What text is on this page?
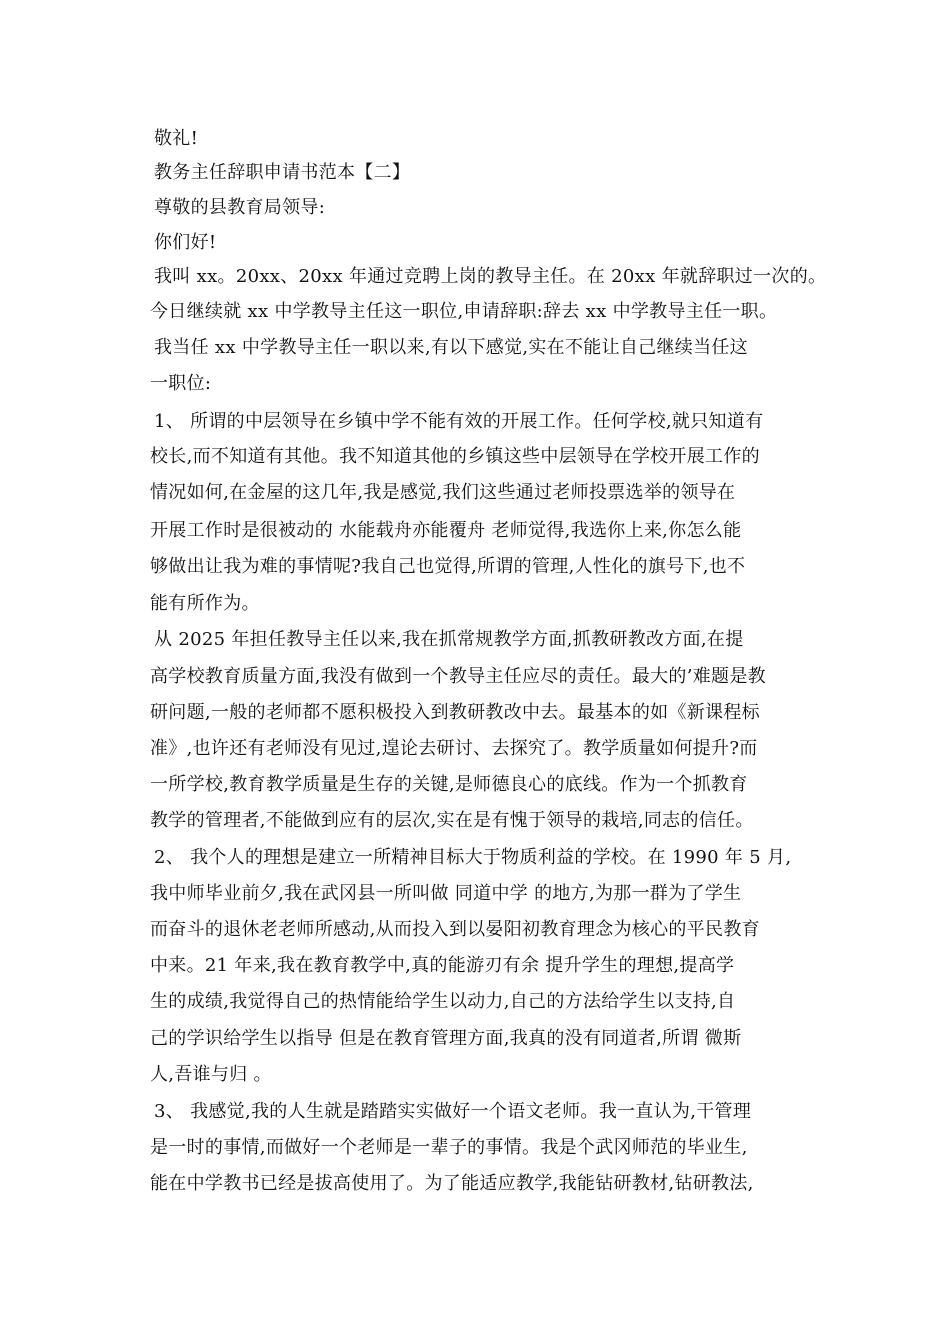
敬礼!
教务主任辞职申请书范本【二】
尊敬的县教育局领导:
你们好!
我叫 xx。20xx、20xx 年通过竞聘上岗的教导主任。在 20xx 年就辞职过一次的。
今日继续就 xx 中学教导主任这一职位,申请辞职:辞去 xx 中学教导主任一职。
我当任 xx 中学教导主任一职以来,有以下感觉,实在不能让自己继续当任这
一职位:
1、 所谓的中层领导在乡镇中学不能有效的开展工作。任何学校,就只知道有
校长,而不知道有其他。我不知道其他的乡镇这些中层领导在学校开展工作的
情况如何,在金屋的这几年,我是感觉,我们这些通过老师投票选举的领导在
开展工作时是很被动的 水能载舟亦能覆舟 老师觉得,我选你上来,你怎么能
够做出让我为难的事情呢?我自己也觉得,所谓的管理,人性化的旗号下,也不
能有所作为。
从 2025 年担任教导主任以来,我在抓常规教学方面,抓教研教改方面,在提
高学校教育质量方面,我没有做到一个教导主任应尽的责任。最大的’难题是教
研问题,一般的老师都不愿积极投入到教研教改中去。最基本的如《新课程标
准》,也许还有老师没有见过,遑论去研讨、去探究了。教学质量如何提升?而
一所学校,教育教学质量是生存的关键,是师德良心的底线。作为一个抓教育
教学的管理者,不能做到应有的层次,实在是有愧于领导的栽培,同志的信任。
2、 我个人的理想是建立一所精神目标大于物质利益的学校。在 1990 年 5 月,
我中师毕业前夕,我在武冈县一所叫做 同道中学 的地方,为那一群为了学生
而奋斗的退休老老师所感动,从而投入到以晏阳初教育理念为核心的平民教育
中来。21 年来,我在教育教学中,真的能游刃有余 提升学生的理想,提高学
生的成绩,我觉得自己的热情能给学生以动力,自己的方法给学生以支持,自
己的学识给学生以指导 但是在教育管理方面,我真的没有同道者,所谓 微斯
人,吾谁与归 。
3、 我感觉,我的人生就是踏踏实实做好一个语文老师。我一直认为,干管理
是一时的事情,而做好一个老师是一辈子的事情。我是个武冈师范的毕业生,
能在中学教书已经是拔高使用了。为了能适应教学,我能钻研教材,钻研教法,
